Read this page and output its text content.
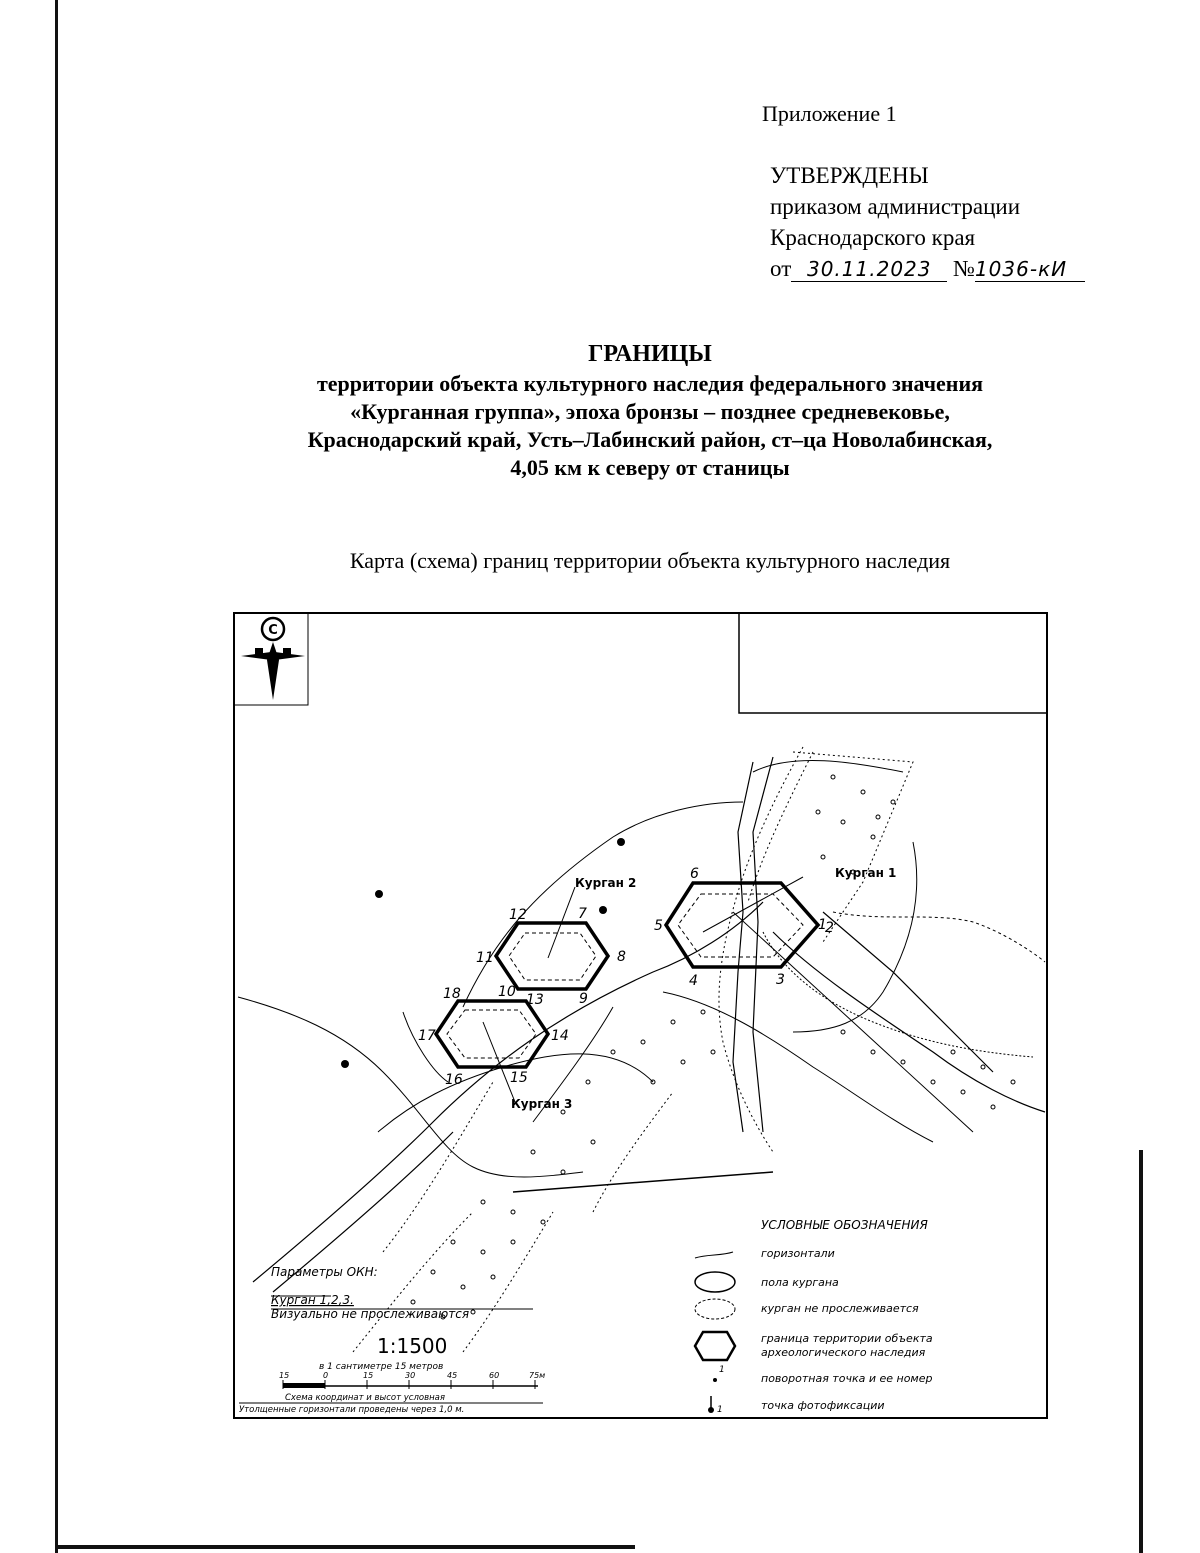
Приложение 1
УТВЕРЖДЕНЫ
приказом администрации
Краснодарского края
от 30.11.2023 №1036-кИ
ГРАНИЦЫ
территории объекта культурного наследия федерального значения
«Курганная группа», эпоха бронзы – позднее средневековье,
Краснодарский край, Усть–Лабинский район, ст–ца Новолабинская,
4,05 км к северу от станицы
Карта (схема) границ территории объекта культурного наследия
С
Курган 2
Курган 1
Курган 3
1
2
3
4
5
6
7
8
9
10
11
12
13
14
15
16
17
18
Параметры ОКН:
Курган 1,2,3.
Визуально не прослеживаются
1:1500
в 1 сантиметре 15 метров
15	0	15	30	45	60	75м
Схема координат и высот условная
Утолщенные горизонтали проведены через 1,0 м.
УСЛОВНЫЕ ОБОЗНАЧЕНИЯ
1
1
горизонтали
пола кургана
курган не прослеживается
граница территории объекта
археологического наследия
поворотная точка и ее номер
точка фотофиксации
